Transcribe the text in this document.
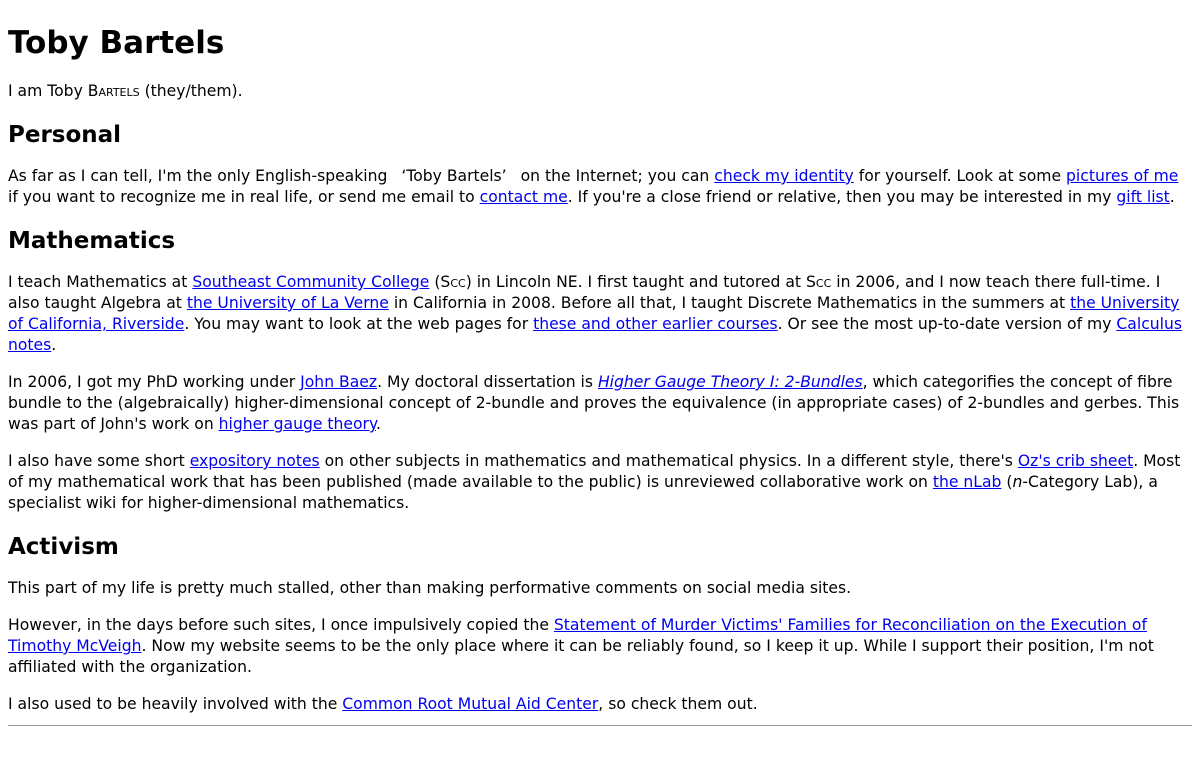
Toby Bartels

I am Toby Bartels (they/them).

Personal

As far as I can tell, I'm the only English-speaking ‘Toby Bartels’ on the Internet; you can check my identity for yourself. Look at some pictures of me if you want to recognize me in real life, or send me email to contact me. If you're a close friend or relative, then you may be interested in my gift list.

Mathematics

I teach Mathematics at Southeast Community College (Scc) in Lincoln NE. I first taught and tutored at Scc in 2006, and I now teach there full-time. I also taught Algebra at the University of La Verne in California in 2008. Before all that, I taught Discrete Mathematics in the summers at the University of California, Riverside. You may want to look at the web pages for these and other earlier courses. Or see the most up-to-date version of my Calculus notes.

In 2006, I got my PhD working under John Baez. My doctoral dissertation is Higher Gauge Theory I: 2-Bundles, which categorifies the concept of fibre bundle to the (algebraically) higher-dimensional concept of 2-bundle and proves the equivalence (in appropriate cases) of 2-bundles and gerbes. This was part of John's work on higher gauge theory.

I also have some short expository notes on other subjects in mathematics and mathematical physics. In a different style, there's Oz's crib sheet. Most of my mathematical work that has been published (made available to the public) is unreviewed collaborative work on the nLab (n-Category Lab), a specialist wiki for higher-dimensional mathematics.

Activism

This part of my life is pretty much stalled, other than making performative comments on social media sites.

However, in the days before such sites, I once impulsively copied the Statement of Murder Victims' Families for Reconciliation on the Execution of Timothy McVeigh. Now my website seems to be the only place where it can be reliably found, so I keep it up. While I support their position, I'm not affiliated with the organization.

I also used to be heavily involved with the Common Root Mutual Aid Center, so check them out.
